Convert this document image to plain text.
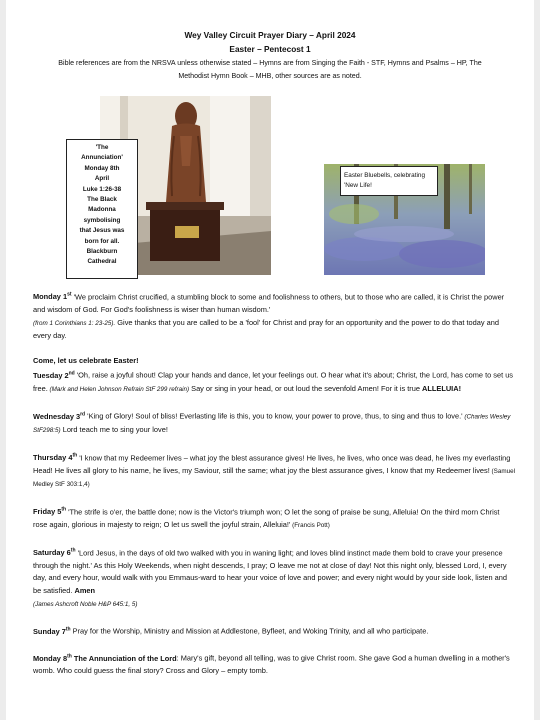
Wey Valley Circuit Prayer Diary – April 2024
Easter – Pentecost 1
Bible references are from the NRSVA unless otherwise stated – Hymns are from Singing the Faith - STF, Hymns and Psalms – HP, The Methodist Hymn Book – MHB, other sources are as noted.
'The
Annunciation'
Monday 8th
April
Luke 1:26-38
The Black
Madonna
symbolising
that Jesus was
born for all.
Blackburn
Cathedral
Easter Bluebells, celebrating 'New Life!

Monday 1st 'We proclaim Christ crucified, a stumbling block to some and foolishness to others, but to those who are called, it is Christ the power and wisdom of God. For God's foolishness is wiser than human wisdom.'
(from 1 Corinthians 1: 23-25). Give thanks that you are called to be a 'fool' for Christ and pray for an opportunity and the power to do that today and every day.

Come, let us celebrate Easter!

Tuesday 2nd 'Oh, raise a joyful shout! Clap your hands and dance, let your feelings out. O hear what it's about; Christ, the Lord, has come to set us free. (Mark and Helen Johnson Refrain StF 299 refrain) Say or sing in your head, or out loud the sevenfold Amen! For it is true ALLELUIA!

Wednesday 3rd 'King of Glory! Soul of bliss! Everlasting life is this, you to know, your power to prove, thus, to sing and thus to love.' (Charles Wesley StF298:5) Lord teach me to sing your love!

Thursday 4th 'I know that my Redeemer lives – what joy the blest assurance gives! He lives, he lives, who once was dead, he lives my everlasting Head! He lives all glory to his name, he lives, my Saviour, still the same; what joy the blest assurance gives, I know that my Redeemer lives! (Samuel Medley StF 303:1,4)

Friday 5th 'The strife is o'er, the battle done; now is the Victor's triumph won; O let the song of praise be sung, Alleluia! On the third morn Christ rose again, glorious in majesty to reign; O let us swell the joyful strain, Alleluia!' (Francis Pott)

Saturday 6th 'Lord Jesus, in the days of old two walked with you in waning light; and loves blind instinct made them bold to crave your presence through the night.' As this Holy Weekends, when night descends, I pray; O leave me not at close of day! Not this night only, blessed Lord, I, every day, and every hour, would walk with you Emmaus-ward to hear your voice of love and power; and every night would by your side look, listen and be satisfied. Amen
(James Ashcroft Noble H&P 645:1, 5)

Sunday 7th Pray for the Worship, Ministry and Mission at Addlestone, Byfleet, and Woking Trinity, and all who participate.

Monday 8th The Annunciation of the Lord: Mary's gift, beyond all telling, was to give Christ room. She gave God a human dwelling in a mother's womb. Who could guess the final story? Cross and Glory – empty tomb.
